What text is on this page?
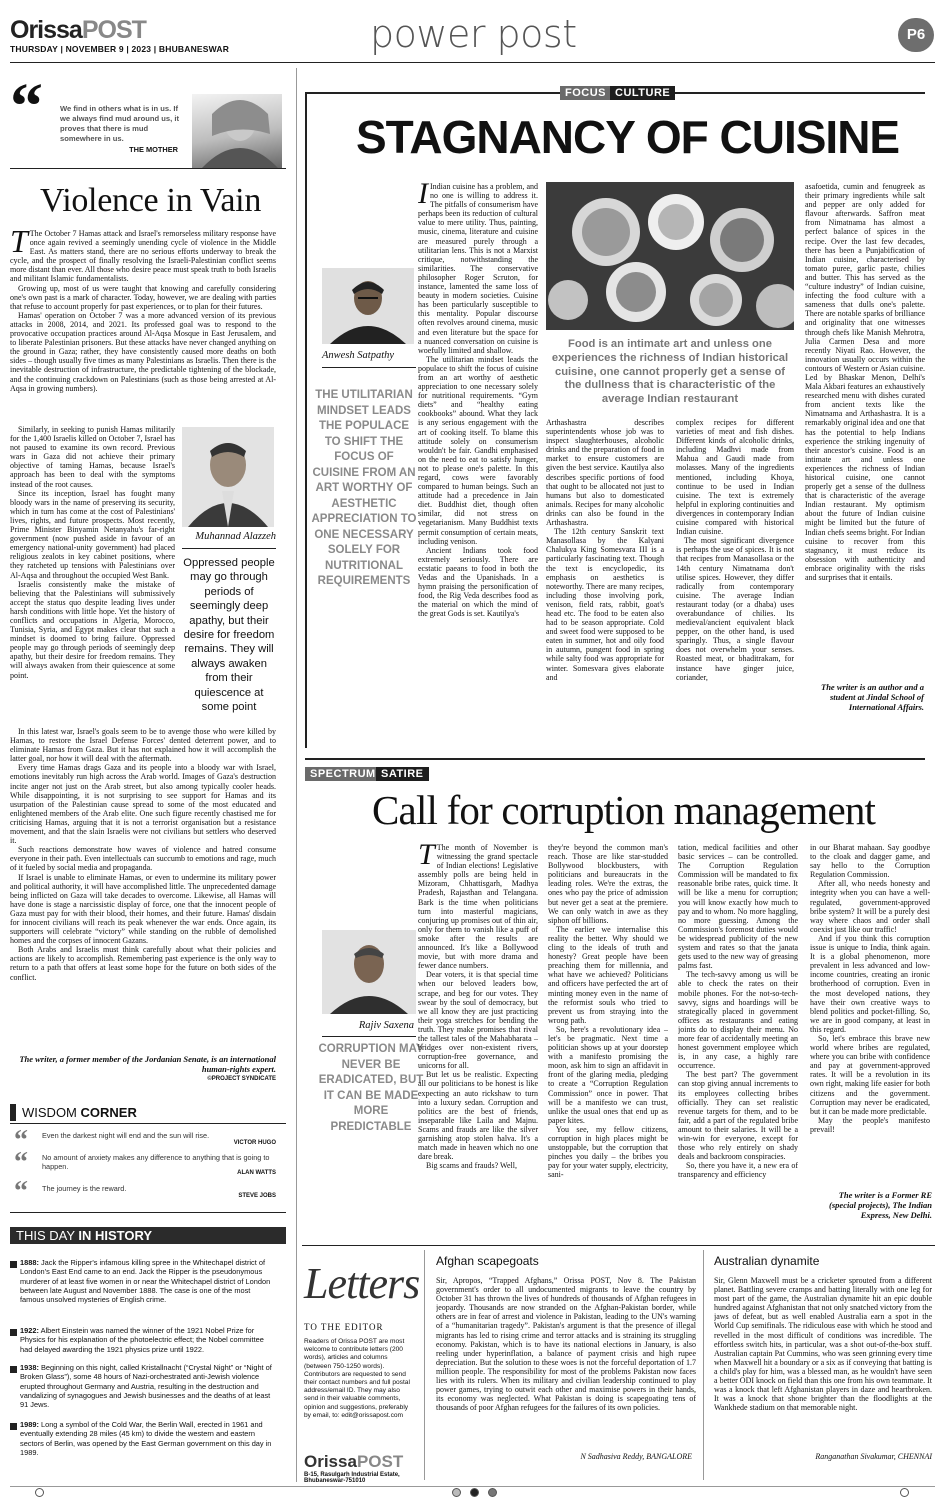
OrissaPOST
THURSDAY | NOVEMBER 9 | 2023 | BHUBANESWAR	power post	P6
“ We find in others what is in us. If we always find mud around us, it proves that there is mud somewhere in us.
THE MOTHER
Violence in Vain

T The October 7 Hamas attack and Israel's remorseless military response have once again revived a seemingly unending cycle of violence in the Middle East. As matters stand, there are no serious efforts underway to break the cycle, and the prospect of finally resolving the Israeli-Palestinian conflict seems more distant than ever. All those who desire peace must speak truth to both Israelis and militant Islamic fundamentalists.

Growing up, most of us were taught that knowing and carefully considering one's own past is a mark of character. Today, however, we are dealing with parties that refuse to account properly for past experiences, or to plan for their futures.

Hamas' operation on October 7 was a more advanced version of its previous attacks in 2008, 2014, and 2021. Its professed goal was to respond to the provocative occupation practices around Al-Aqsa Mosque in East Jerusalem, and to liberate Palestinian prisoners. But these attacks have never changed anything on the ground in Gaza; rather, they have consistently caused more deaths on both sides – though usually five times as many Palestinians as Israelis. Then there is the inevitable destruction of infrastructure, the predictable tightening of the blockade, and the continuing crackdown on Palestinians (such as those being arrested at Al-Aqsa in growing numbers).

Similarly, in seeking to punish Hamas militarily for the 1,400 Israelis killed on October 7, Israel has not paused to examine its own record. Previous wars in Gaza did not achieve their primary objective of taming Hamas, because Israel's approach has been to deal with the symptoms instead of the root causes.

Since its inception, Israel has fought many bloody wars in the name of preserving its security, which in turn has come at the cost of Palestinians' lives, rights, and future prospects. Most recently, Prime Minister Binyamin Netanyahu's far-right government (now pushed aside in favour of an emergency national-unity government) had placed religious zealots in key cabinet positions, where they ratcheted up tensions with Palestinians over Al-Aqsa and throughout the occupied West Bank.

Israelis consistently make the mistake of believing that the Palestinians will submissively accept the status quo despite leading lives under harsh conditions with little hope. Yet the history of conflicts and occupations in Algeria, Morocco, Tunisia, Syria, and Egypt makes clear that such a mindset is doomed to bring failure. Oppressed people may go through periods of seemingly deep apathy, but their desire for freedom remains. They will always awaken from their quiescence at some point.

Muhannad Alazzeh
Oppressed people may go through periods of seemingly deep apathy, but their desire for freedom remains. They will always awaken from their quiescence at some point

In this latest war, Israel's goals seem to be to avenge those who were killed by Hamas, to restore the Israel Defense Forces' dented deterrent power, and to eliminate Hamas from Gaza. But it has not explained how it will accomplish the latter goal, nor how it will deal with the aftermath.

Every time Hamas drags Gaza and its people into a bloody war with Israel, emotions inevitably run high across the Arab world. Images of Gaza's destruction incite anger not just on the Arab street, but also among typically cooler heads. While disappointing, it is not surprising to see support for Hamas and its usurpation of the Palestinian cause spread to some of the most educated and enlightened members of the Arab elite. One such figure recently chastised me for criticising Hamas, arguing that it is not a terrorist organisation but a resistance movement, and that the slain Israelis were not civilians but settlers who deserved it.

Such reactions demonstrate how waves of violence and hatred consume everyone in their path. Even intellectuals can succumb to emotions and rage, much of it fueled by social media and propaganda.

If Israel is unable to eliminate Hamas, or even to undermine its military power and political authority, it will have accomplished little. The unprecedented damage being inflicted on Gaza will take decades to overcome. Likewise, all Hamas will have done is stage a narcissistic display of force, one that the innocent people of Gaza must pay for with their blood, their homes, and their future. Hamas' disdain for innocent civilians will reach its peak whenever the war ends. Once again, its supporters will celebrate “victory” while standing on the rubble of demolished homes and the corpses of innocent Gazans.

Both Arabs and Israelis must think carefully about what their policies and actions are likely to accomplish. Remembering past experience is the only way to return to a path that offers at least some hope for the future on both sides of the conflict.

The writer, a former member of the Jordanian Senate, is an international human-rights expert.
©PROJECT SYNDICATE
WISDOM CORNER
“ Even the darkest night will end and the sun will rise.
VICTOR HUGO
“ No amount of anxiety makes any difference to anything that is going to happen.
ALAN WATTS
“ The journey is the reward.
STEVE JOBS
THIS DAY IN HISTORY
1888: Jack the Ripper's infamous killing spree in the Whitechapel district of London's East End came to an end. Jack the Ripper is the pseudonymous murderer of at least five women in or near the Whitechapel district of London between late August and November 1888. The case is one of the most famous unsolved mysteries of English crime.
1922: Albert Einstein was named the winner of the 1921 Nobel Prize for Physics for his explanation of the photoelectric effect; the Nobel committee had delayed awarding the 1921 physics prize until 1922.
1938: Beginning on this night, called Kristallnacht (“Crystal Night” or “Night of Broken Glass”), some 48 hours of Nazi-orchestrated anti-Jewish violence erupted throughout Germany and Austria, resulting in the destruction and vandalizing of synagogues and Jewish businesses and the deaths of at least 91 Jews.
1989: Long a symbol of the Cold War, the Berlin Wall, erected in 1961 and eventually extending 28 miles (45 km) to divide the western and eastern sectors of Berlin, was opened by the East German government on this day in 1989.
FOCUS CULTURE
STAGNANCY OF CUISINE
Anwesh Satpathy
THE UTILITARIAN MINDSET LEADS THE POPULACE TO SHIFT THE FOCUS OF CUISINE FROM AN ART WORTHY OF AESTHETIC APPRECIATION TO ONE NECESSARY SOLELY FOR NUTRITIONAL REQUIREMENTS

I Indian cuisine has a problem, and no one is willing to address it. The pitfalls of consumerism have perhaps been its reduction of cultural value to mere utility. Thus, painting, music, cinema, literature and cuisine are measured purely through a utilitarian lens. This is not a Marxist critique, notwithstanding the similarities. The conservative philosopher Roger Scruton, for instance, lamented the same loss of beauty in modern societies. Cuisine has been particularly susceptible to this mentality. Popular discourse often revolves around cinema, music and even literature but the space for a nuanced conversation on cuisine is woefully limited and shallow.

The utilitarian mindset leads the populace to shift the focus of cuisine from an art worthy of aesthetic appreciation to one necessary solely for nutritional requirements. “Gym diets” and “healthy eating cookbooks” abound. What they lack is any serious engagement with the art of cooking itself. To blame this attitude solely on consumerism wouldn't be fair. Gandhi emphasised on the need to eat to satisfy hunger, not to please one's palette. In this regard, cows were favorably compared to human beings. Such an attitude had a precedence in Jain diet. Buddhist diet, though often similar, did not stress on vegetarianism. Many Buddhist texts permit consumption of certain meats, including venison.

Ancient Indians took food extremely seriously. There are ecstatic paeans to food in both the Vedas and the Upanishads. In a hymn praising the personification of food, the Rig Veda describes food as the material on which the mind of the great Gods is set. Kautilya's

Food is an intimate art and unless one experiences the richness of Indian historical cuisine, one cannot properly get a sense of the dullness that is characteristic of the average Indian restaurant

Arthashastra describes superintendents whose job was to inspect slaughterhouses, alcoholic drinks and the preparation of food in market to ensure customers are given the best service. Kautilya also describes specific portions of food that ought to be allocated not just to humans but also to domesticated animals. Recipes for many alcoholic drinks can also be found in the Arthashastra.

The 12th century Sanskrit text Manasollasa by the Kalyani Chalukya King Somesvara III is a particularly fascinating text. Though the text is encyclopedic, its emphasis on aesthetics is noteworthy. There are many recipes, including those involving pork, venison, field rats, rabbit, goat's head etc. The food to be eaten also had to be season appropriate. Cold and sweet food were supposed to be eaten in summer, hot and oily food in autumn, pungent food in spring while salty food was appropriate for winter. Somesvara gives elaborate and

complex recipes for different varieties of meat and fish dishes. Different kinds of alcoholic drinks, including Madhvi made from Mahua and Gaudi made from molasses. Many of the ingredients mentioned, including Khoya, continue to be used in Indian cuisine. The text is extremely helpful in exploring continuities and divergences in contemporary Indian cuisine compared with historical Indian cuisine.

The most significant divergence is perhaps the use of spices. It is not that recipes from Manasollasa or the 14th century Nimatnama don't utilise spices. However, they differ radically from contemporary cuisine. The average Indian restaurant today (or a dhaba) uses overabundance of chilies. Its medieval/ancient equivalent black pepper, on the other hand, is used sparingly. Thus, a single flavour does not overwhelm your senses. Roasted meat, or bhaditrakam, for instance have ginger juice, coriander,

asafoetida, cumin and fenugreek as their primary ingredients while salt and pepper are only added for flavour afterwards. Saffron meat from Nimatnama has almost a perfect balance of spices in the recipe. Over the last few decades, there has been a Punjabification of Indian cuisine, characterised by tomato puree, garlic paste, chilies and butter. This has served as the “culture industry” of Indian cuisine, infecting the food culture with a sameness that dulls one's palette. There are notable sparks of brilliance and originality that one witnesses through chefs like Manish Mehrotra, Julia Carmen Desa and more recently Niyati Rao. However, the innovation usually occurs within the contours of Western or Asian cuisine. Led by Bhaskar Menon, Delhi's Mala Akbari features an exhaustively researched menu with dishes curated from ancient texts like the Nimatnama and Arthashastra. It is a remarkably original idea and one that has the potential to help Indians experience the striking ingenuity of their ancestor's cuisine. Food is an intimate art and unless one experiences the richness of Indian historical cuisine, one cannot properly get a sense of the dullness that is characteristic of the average Indian restaurant. My optimism about the future of Indian cuisine might be limited but the future of Indian chefs seems bright. For Indian cuisine to recover from this stagnancy, it must reduce its obsession with authenticity and embrace originality with the risks and surprises that it entails.

The writer is an author and a student at Jindal School of International Affairs.
SPECTRUM SATIRE
Call for corruption management
Rajiv Saxena
CORRUPTION MAY NEVER BE ERADICATED, BUT IT CAN BE MADE MORE PREDICTABLE

T The month of November is witnessing the grand spectacle of Indian elections! Legislative assembly polls are being held in Mizoram, Chhattisgarh, Madhya Pradesh, Rajasthan and Telangana. Bark is the time when politicians turn into masterful magicians, conjuring up promises out of thin air, only for them to vanish like a puff of smoke after the results are announced. It's like a Bollywood movie, but with more drama and fewer dance numbers.

Dear voters, it is that special time when our beloved leaders bow, scrape, and beg for our votes. They swear by the soul of democracy, but we all know they are just practicing their yoga stretches for bending the truth. They make promises that rival the tallest tales of the Mahabharata – bridges over non-existent rivers, corruption-free governance, and unicorns for all.

But let us be realistic. Expecting all our politicians to be honest is like expecting an auto rickshaw to turn into a luxury sedan. Corruption and politics are the best of friends, inseparable like Laila and Majnu. Scams and frauds are like the silver garnishing atop stolen halva. It's a match made in heaven which no one dare break.

Big scams and frauds? Well,

they're beyond the common man's reach. Those are like star-studded Bollywood blockbusters, with politicians and bureaucrats in the leading roles. We're the extras, the ones who pay the price of admission but never get a seat at the premiere. We can only watch in awe as they siphon off billions.

The earlier we internalise this reality the better. Why should we cling to the ideals of truth and honesty? Great people have been preaching them for millennia, and what have we achieved? Politicians and officers have perfected the art of minting money even in the name of the reformist souls who tried to prevent us from straying into the wrong path.

So, here's a revolutionary idea – let's be pragmatic. Next time a politician shows up at your doorstep with a manifesto promising the moon, ask him to sign an affidavit in front of the glaring media, pledging to create a “Corruption Regulation Commission” once in power. That will be a manifesto we can trust, unlike the usual ones that end up as paper kites.

You see, my fellow citizens, corruption in high places might be unstoppable, but the corruption that pinches you daily – the bribes you pay for your water supply, electricity, sani-

tation, medical facilities and other basic services – can be controlled. The Corruption Regulation Commission will be mandated to fix reasonable bribe rates, quick time. It will be like a menu for corruption; you will know exactly how much to pay and to whom. No more haggling, no more guessing. Among the Commission's foremost duties would be widespread publicity of the new system and rates so that the janata gets used to the new way of greasing palms fast.

The tech-savvy among us will be able to check the rates on their mobile phones. For the not-so-tech-savvy, signs and hoardings will be strategically placed in government offices as restaurants and eating joints do to display their menu. No more fear of accidentally meeting an honest government employee which is, in any case, a highly rare occurrence.

The best part? The government can stop giving annual increments to its employees collecting bribes officially. They can set realistic revenue targets for them, and to be fair, add a part of the regulated bribe amount to their salaries. It will be a win-win for everyone, except for those who rely entirely on shady deals and backroom conspiracies.

So, there you have it, a new era of transparency and efficiency

in our Bharat mahaan. Say goodbye to the cloak and dagger game, and say hello to the Corruption Regulation Commission.

After all, who needs honesty and integrity when you can have a well-regulated, government-approved bribe system? It will be a purely desi way where chaos and order shall coexist just like our traffic!

And if you think this corruption issue is unique to India, think again. It is a global phenomenon, more prevalent in less advanced and low-income countries, creating an ironic brotherhood of corruption. Even in the most developed nations, they have their own creative ways to blend politics and pocket-filling. So, we are in good company, at least in this regard.

So, let's embrace this brave new world where bribes are regulated, where you can bribe with confidence and pay at government-approved rates. It will be a revolution in its own right, making life easier for both citizens and the government. Corruption may never be eradicated, but it can be made more predictable.

May the people's manifesto prevail!

The writer is a Former RE (special projects), The Indian Express, New Delhi.
Letters
TO THE EDITOR
Readers of Orissa POST are most welcome to contribute letters (200 words), articles and columns (between 750-1250 words). Contributors are requested to send their contact numbers and full postal address/email ID. They may also send in their valuable comments, opinion and suggestions, preferably by email, to: edit@orissapost.com
OrissaPOST
B-15, Rasulgarh Industrial Estate, Bhubaneswar-751010
Afghan scapegoats
Sir, Apropos, “Trapped Afghans,” Orissa POST, Nov 8. The Pakistan government's order to all undocumented migrants to leave the country by October 31 has thrown the lives of hundreds of thousands of Afghan refugees in jeopardy. Thousands are now stranded on the Afghan-Pakistan border, while others are in fear of arrest and violence in Pakistan, leading to the UN's warning of a “humanitarian tragedy”. Pakistan's argument is that the presence of illegal migrants has led to rising crime and terror attacks and is straining its struggling economy. Pakistan, which is to have its national elections in January, is also reeling under hyperinflation, a balance of payment crisis and high rupee depreciation. But the solution to these woes is not the forceful deportation of 1.7 million people. The responsibility for most of the problems Pakistan now faces lies with its rulers. When its military and civilian leadership continued to play power games, trying to outwit each other and maximise powers in their hands, its economy was neglected. What Pakistan is doing is scapegoating tens of thousands of poor Afghan refugees for the failures of its own policies.
N Sadhasiva Reddy, BANGALORE
Australian dynamite
Sir, Glenn Maxwell must be a cricketer sprouted from a different planet. Battling severe cramps and batting literally with one leg for most part of the game, the Australian dynamite hit an epic double hundred against Afghanistan that not only snatched victory from the jaws of defeat, but as well enabled Australia earn a spot in the World Cup semifinals. The ridiculous ease with which he stood and revelled in the most difficult of conditions was incredible. The effortless switch hits, in particular, was a shot out-of-the-box stuff. Australian captain Pat Cummins, who was seen grinning every time when Maxwell hit a boundary or a six as if conveying that batting is a child's play for him, was a blessed man, as he wouldn't have seen a better ODI knock on field than this one from his own teammate. It was a knock that left Afghanistan players in daze and heartbroken. It was a knock that shone brighter than the floodlights at the Wankhede stadium on that memorable night.
Ranganathan Sivakumar, CHENNAI
